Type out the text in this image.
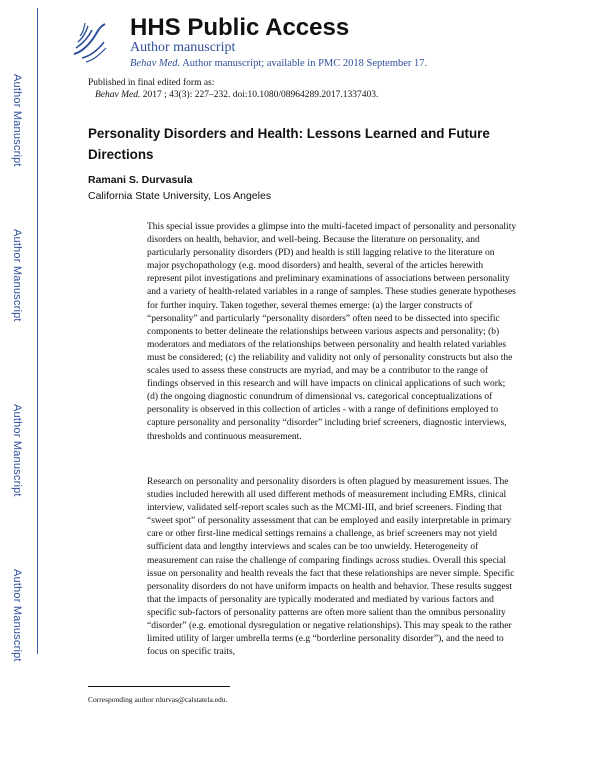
Author Manuscript
Author Manuscript
Author Manuscript
Author Manuscript
HHS Public Access
Author manuscript
Behav Med. Author manuscript; available in PMC 2018 September 17.
Published in final edited form as:
Behav Med. 2017 ; 43(3): 227–232. doi:10.1080/08964289.2017.1337403.
Personality Disorders and Health: Lessons Learned and Future Directions
Ramani S. Durvasula
California State University, Los Angeles

This special issue provides a glimpse into the multi-faceted impact of personality and personality disorders on health, behavior, and well-being. Because the literature on personality, and particularly personality disorders (PD) and health is still lagging relative to the literature on major psychopathology (e.g. mood disorders) and health, several of the articles herewith represent pilot investigations and preliminary examinations of associations between personality and a variety of health-related variables in a range of samples. These studies generate hypotheses for further inquiry. Taken together, several themes emerge: (a) the larger constructs of “personality” and particularly “personality disorders” often need to be dissected into specific components to better delineate the relationships between various aspects and personality; (b) moderators and mediators of the relationships between personality and health related variables must be considered; (c) the reliability and validity not only of personality constructs but also the scales used to assess these constructs are myriad, and may be a contributor to the range of findings observed in this research and will have impacts on clinical applications of such work; (d) the ongoing diagnostic conundrum of dimensional vs. categorical conceptualizations of personality is observed in this collection of articles - with a range of definitions employed to capture personality and personality “disorder” including brief screeners, diagnostic interviews, thresholds and continuous measurement.

Research on personality and personality disorders is often plagued by measurement issues. The studies included herewith all used different methods of measurement including EMRs, clinical interview, validated self-report scales such as the MCMI-III, and brief screeners. Finding that “sweet spot” of personality assessment that can be employed and easily interpretable in primary care or other first-line medical settings remains a challenge, as brief screeners may not yield sufficient data and lengthy interviews and scales can be too unwieldy. Heterogeneity of measurement can raise the challenge of comparing findings across studies. Overall this special issue on personality and health reveals the fact that these relationships are never simple. Specific personality disorders do not have uniform impacts on health and behavior. These results suggest that the impacts of personality are typically moderated and mediated by various factors and specific sub-factors of personality patterns are often more salient than the omnibus personality “disorder” (e.g. emotional dysregulation or negative relationships). This may speak to the rather limited utility of larger umbrella terms (e.g “borderline personality disorder”), and the need to focus on specific traits,

Corresponding author rdurvas@calstatela.edu.
